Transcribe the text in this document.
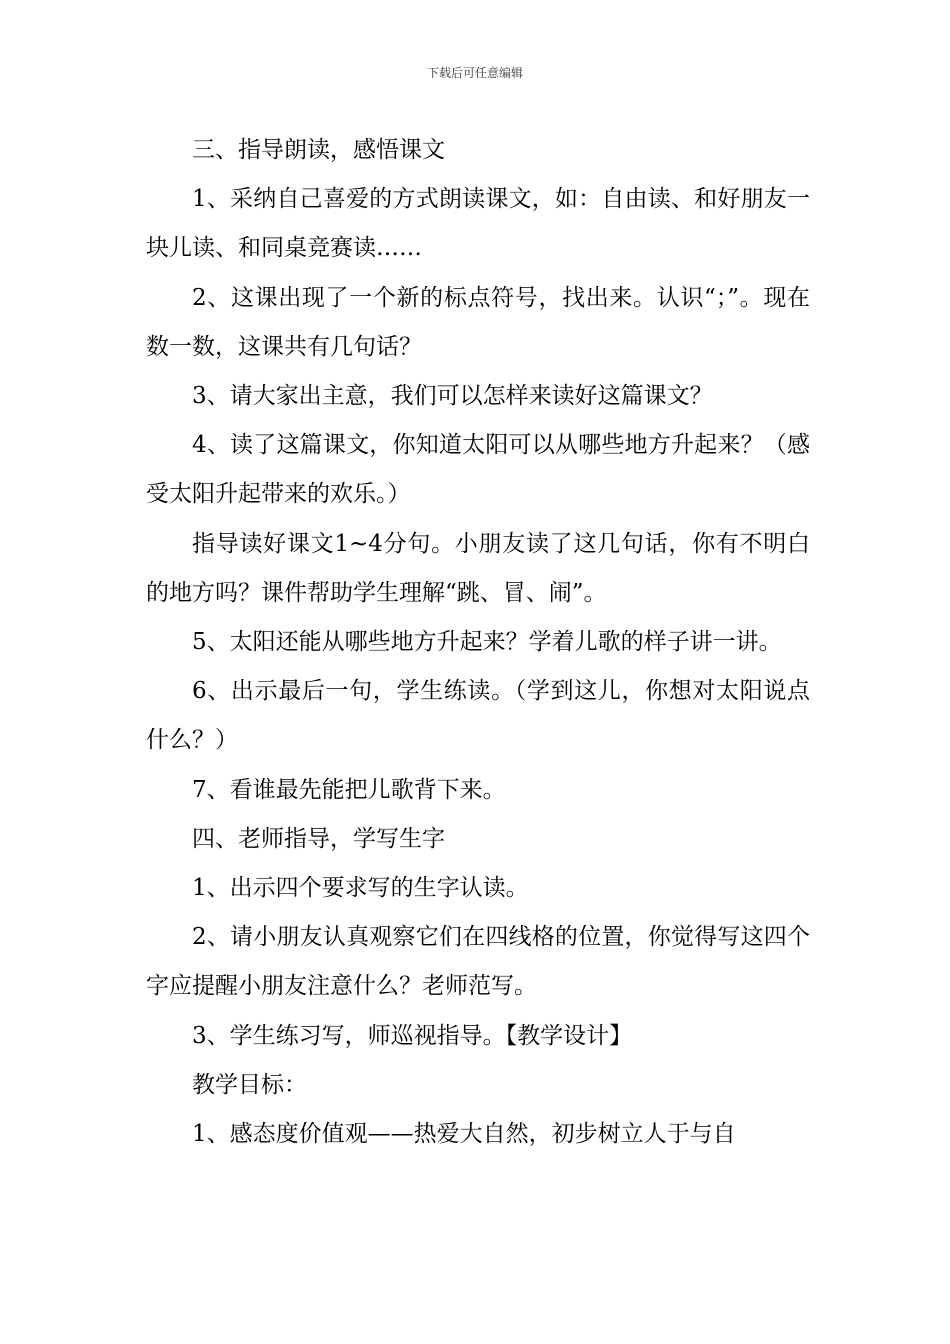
下载后可任意编辑

三、指导朗读，感悟课文

1、采纳自己喜爱的方式朗读课文，如：自由读、和好朋友一块儿读、和同桌竞赛读……

2、这课出现了一个新的标点符号，找出来。认识“；”。现在数一数，这课共有几句话？

3、请大家出主意，我们可以怎样来读好这篇课文？

4、读了这篇课文，你知道太阳可以从哪些地方升起来？（感受太阳升起带来的欢乐。）

指导读好课文1~4分句。小朋友读了这几句话，你有不明白的地方吗？课件帮助学生理解“跳、冒、闹”。

5、太阳还能从哪些地方升起来？学着儿歌的样子讲一讲。

6、出示最后一句，学生练读。（学到这儿，你想对太阳说点什么？）

7、看谁最先能把儿歌背下来。

四、老师指导，学写生字

1、出示四个要求写的生字认读。

2、请小朋友认真观察它们在四线格的位置，你觉得写这四个字应提醒小朋友注意什么？老师范写。

3、学生练习写，师巡视指导。【教学设计】

教学目标：

1、感态度价值观——热爱大自然，初步树立人于与自
